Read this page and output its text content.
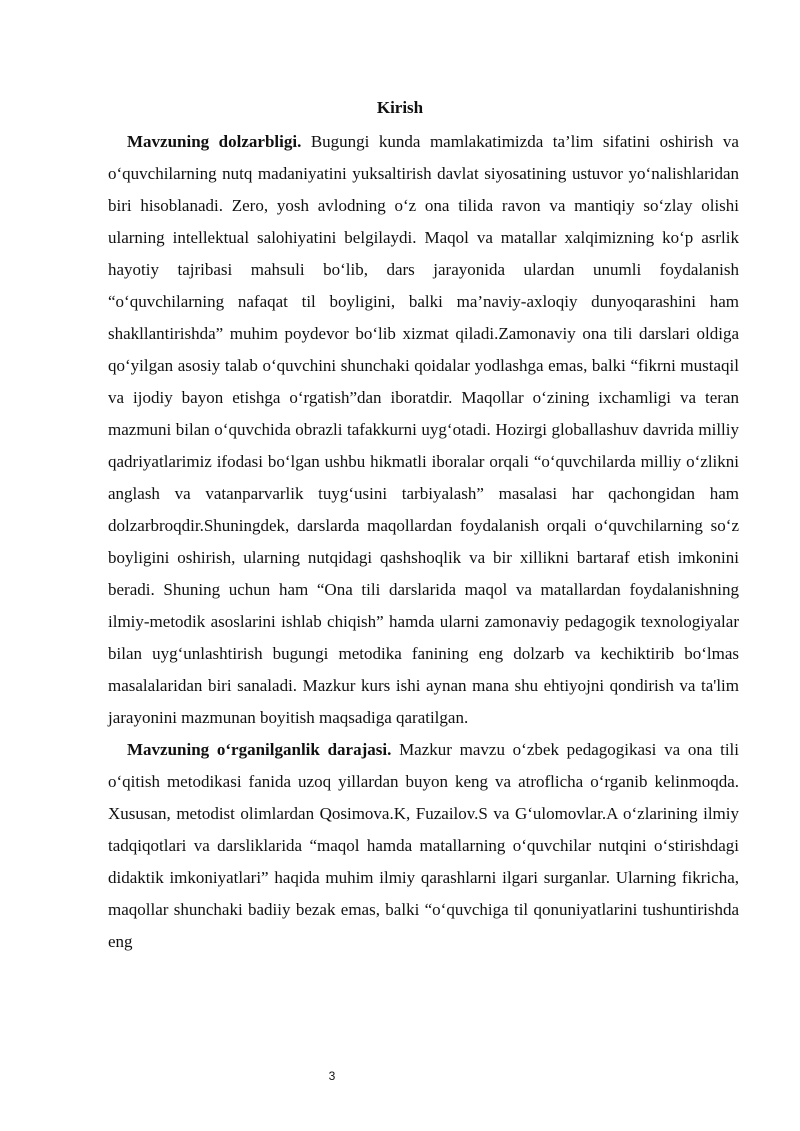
Kirish

Mavzuning dolzarbligi. Bugungi kunda mamlakatimizda ta’lim sifatini oshirish va o‘quvchilarning nutq madaniyatini yuksaltirish davlat siyosatining ustuvor yo‘nalishlaridan biri hisoblanadi. Zero, yosh avlodning o‘z ona tilida ravon va mantiqiy so‘zlay olishi ularning intellektual salohiyatini belgilaydi. Maqol va matallar xalqimizning ko‘p asrlik hayotiy tajribasi mahsuli bo‘lib, dars jarayonida ulardan unumli foydalanish “o‘quvchilarning nafaqat til boyligini, balki ma’naviy-axloqiy dunyoqarashini ham shakllantirishda” muhim poydevor bo‘lib xizmat qiladi.Zamonaviy ona tili darslari oldiga qo‘yilgan asosiy talab o‘quvchini shunchaki qoidalar yodlashga emas, balki “fikrni mustaqil va ijodiy bayon etishga o‘rgatish”dan iboratdir. Maqollar o‘zining ixchamligi va teran mazmuni bilan o‘quvchida obrazli tafakkurni uyg‘otadi. Hozirgi globallashuv davrida milliy qadriyatlarimiz ifodasi bo‘lgan ushbu hikmatli iboralar orqali “o‘quvchilarda milliy o‘zlikni anglash va vatanparvarlik tuyg‘usini tarbiyalash” masalasi har qachongidan ham dolzarbroqdir.Shuningdek, darslarda maqollardan foydalanish orqali o‘quvchilarning so‘z boyligini oshirish, ularning nutqidagi qashshoqlik va bir xillikni bartaraf etish imkonini beradi. Shuning uchun ham “Ona tili darslarida maqol va matallardan foydalanishning ilmiy-metodik asoslarini ishlab chiqish” hamda ularni zamonaviy pedagogik texnologiyalar bilan uyg‘unlashtirish bugungi metodika fanining eng dolzarb va kechiktirib bo‘lmas masalalaridan biri sanaladi. Mazkur kurs ishi aynan mana shu ehtiyojni qondirish va ta'lim jarayonini mazmunan boyitish maqsadiga qaratilgan.

Mavzuning o‘rganilganlik darajasi. Mazkur mavzu o‘zbek pedagogikasi va ona tili o‘qitish metodikasi fanida uzoq yillardan buyon keng va atroflicha o‘rganib kelinmoqda. Xususan, metodist olimlardan Qosimova.K, Fuzailov.S va G‘ulomovlar.A o‘zlarining ilmiy tadqiqotlari va darsliklarida “maqol hamda matallarning o‘quvchilar nutqini o‘stirishdagi didaktik imkoniyatlari” haqida muhim ilmiy qarashlarni ilgari surganlar. Ularning fikricha, maqollar shunchaki badiiy bezak emas, balki “o‘quvchiga til qonuniyatlarini tushuntirishda eng

3
